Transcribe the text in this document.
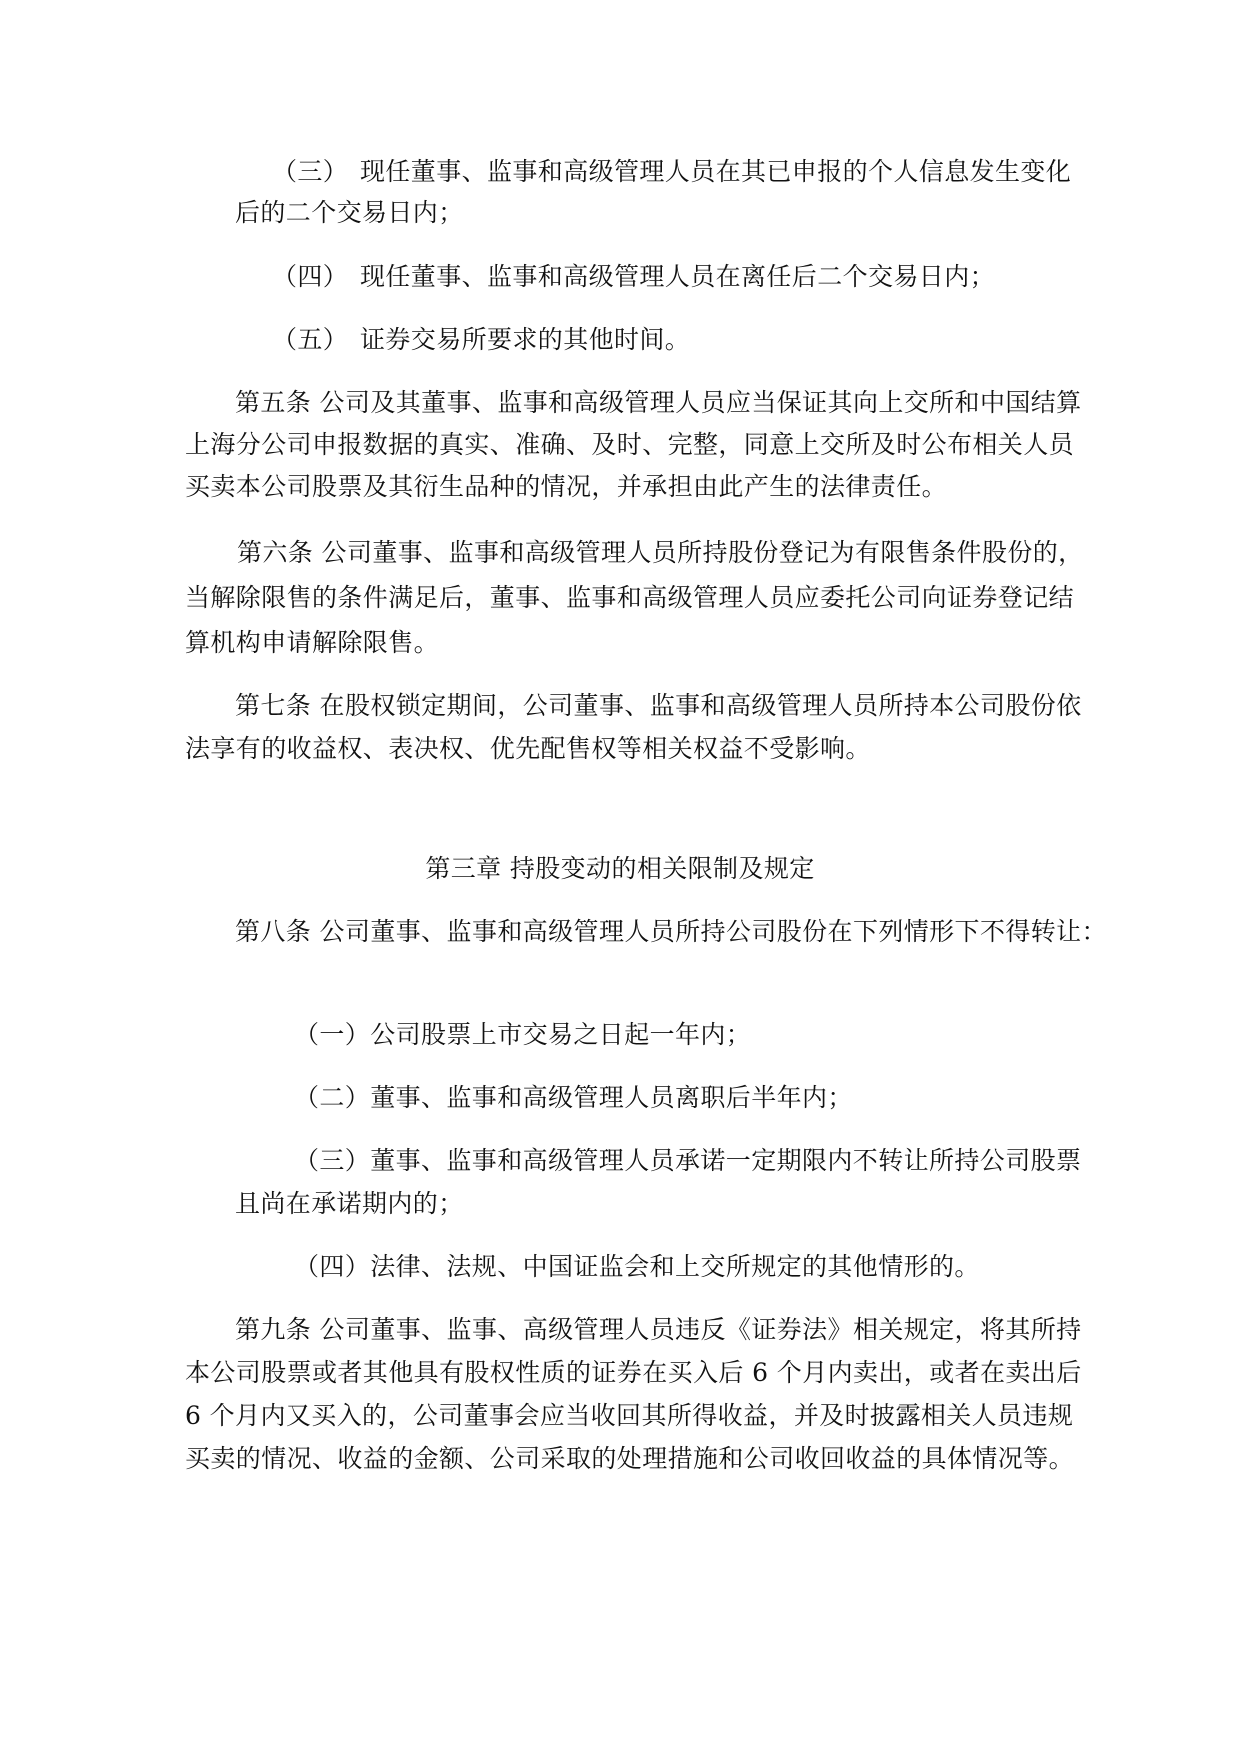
（三） 现任董事、监事和高级管理人员在其已申报的个人信息发生变化
后的二个交易日内；
（四） 现任董事、监事和高级管理人员在离任后二个交易日内；
（五） 证券交易所要求的其他时间。
第五条 公司及其董事、监事和高级管理人员应当保证其向上交所和中国结算
上海分公司申报数据的真实、准确、及时、完整，同意上交所及时公布相关人员
买卖本公司股票及其衍生品种的情况，并承担由此产生的法律责任。
第六条 公司董事、监事和高级管理人员所持股份登记为有限售条件股份的，
当解除限售的条件满足后，董事、监事和高级管理人员应委托公司向证券登记结
算机构申请解除限售。
第七条 在股权锁定期间，公司董事、监事和高级管理人员所持本公司股份依
法享有的收益权、表决权、优先配售权等相关权益不受影响。
第三章 持股变动的相关限制及规定
第八条 公司董事、监事和高级管理人员所持公司股份在下列情形下不得转让：
（一）公司股票上市交易之日起一年内；
（二）董事、监事和高级管理人员离职后半年内；
（三）董事、监事和高级管理人员承诺一定期限内不转让所持公司股票
且尚在承诺期内的；
（四）法律、法规、中国证监会和上交所规定的其他情形的。
第九条 公司董事、监事、高级管理人员违反《证券法》相关规定，将其所持
本公司股票或者其他具有股权性质的证券在买入后 6 个月内卖出，或者在卖出后
6 个月内又买入的，公司董事会应当收回其所得收益，并及时披露相关人员违规
买卖的情况、收益的金额、公司采取的处理措施和公司收回收益的具体情况等。
